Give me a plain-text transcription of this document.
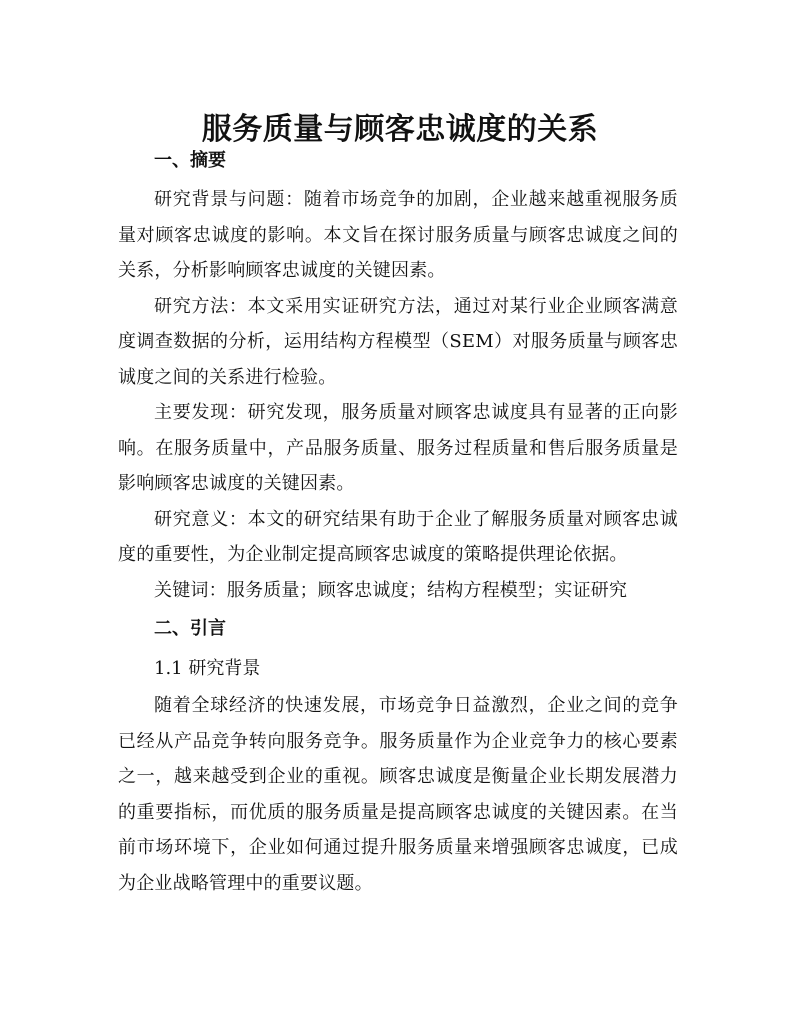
服务质量与顾客忠诚度的关系
一、摘要

研究背景与问题：随着市场竞争的加剧，企业越来越重视服务质量对顾客忠诚度的影响。本文旨在探讨服务质量与顾客忠诚度之间的关系，分析影响顾客忠诚度的关键因素。

研究方法：本文采用实证研究方法，通过对某行业企业顾客满意度调查数据的分析，运用结构方程模型（SEM）对服务质量与顾客忠诚度之间的关系进行检验。

主要发现：研究发现，服务质量对顾客忠诚度具有显著的正向影响。在服务质量中，产品服务质量、服务过程质量和售后服务质量是影响顾客忠诚度的关键因素。

研究意义：本文的研究结果有助于企业了解服务质量对顾客忠诚度的重要性，为企业制定提高顾客忠诚度的策略提供理论依据。

关键词：服务质量；顾客忠诚度；结构方程模型；实证研究

二、引言

1.1 研究背景

随着全球经济的快速发展，市场竞争日益激烈，企业之间的竞争已经从产品竞争转向服务竞争。服务质量作为企业竞争力的核心要素之一，越来越受到企业的重视。顾客忠诚度是衡量企业长期发展潜力的重要指标，而优质的服务质量是提高顾客忠诚度的关键因素。在当前市场环境下，企业如何通过提升服务质量来增强顾客忠诚度，已成为企业战略管理中的重要议题。
